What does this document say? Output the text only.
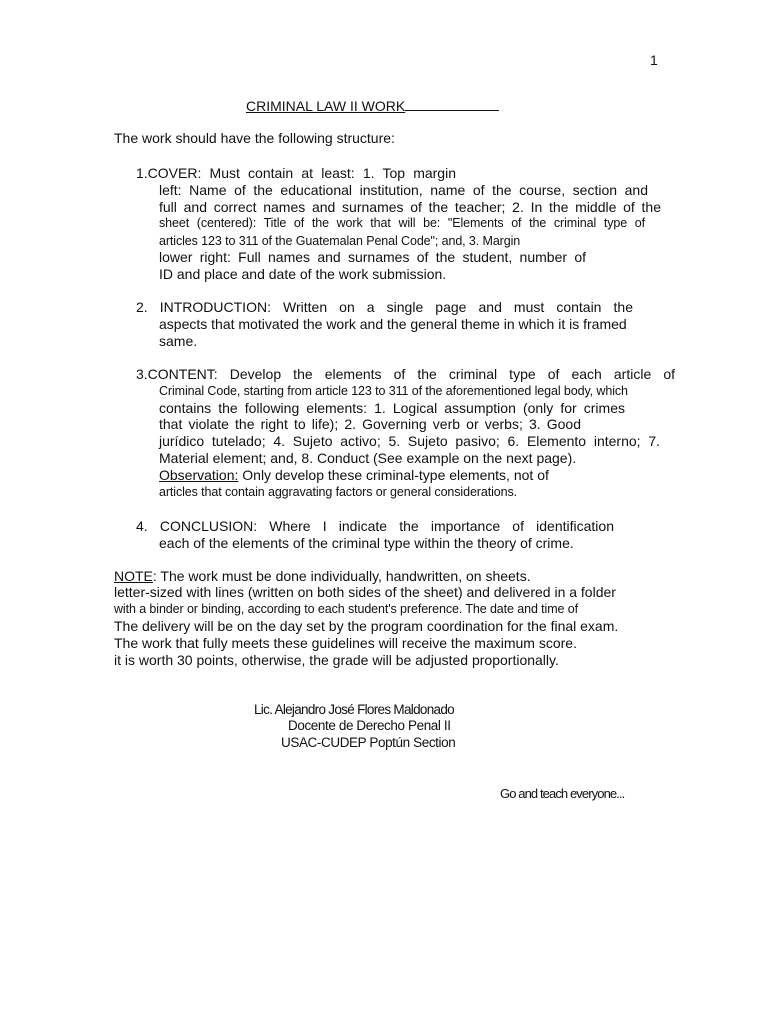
1
CRIMINAL LAW II WORK
The work should have the following structure:
1.COVER: Must contain at least: 1. Top margin
left: Name of the educational institution, name of the course, section and
full and correct names and surnames of the teacher; 2. In the middle of the
sheet (centered): Title of the work that will be: "Elements of the criminal type of
articles 123 to 311 of the Guatemalan Penal Code"; and, 3. Margin
lower right: Full names and surnames of the student, number of
ID and place and date of the work submission.
2. INTRODUCTION: Written on a single page and must contain the
aspects that motivated the work and the general theme in which it is framed
same.
3.CONTENT: Develop the elements of the criminal type of each article of
Criminal Code, starting from article 123 to 311 of the aforementioned legal body, which
contains the following elements: 1. Logical assumption (only for crimes
that violate the right to life); 2. Governing verb or verbs; 3. Good
jurídico tutelado; 4. Sujeto activo; 5. Sujeto pasivo; 6. Elemento interno; 7.
Material element; and, 8. Conduct (See example on the next page).
Observation: Only develop these criminal-type elements, not of
articles that contain aggravating factors or general considerations.
4. CONCLUSION: Where I indicate the importance of identification
each of the elements of the criminal type within the theory of crime.
NOTE: The work must be done individually, handwritten, on sheets.
letter-sized with lines (written on both sides of the sheet) and delivered in a folder
with a binder or binding, according to each student's preference. The date and time of
The delivery will be on the day set by the program coordination for the final exam.
The work that fully meets these guidelines will receive the maximum score.
it is worth 30 points, otherwise, the grade will be adjusted proportionally.
Lic. Alejandro José Flores Maldonado
Docente de Derecho Penal II
USAC-CUDEP Poptún Section
Go and teach everyone...
